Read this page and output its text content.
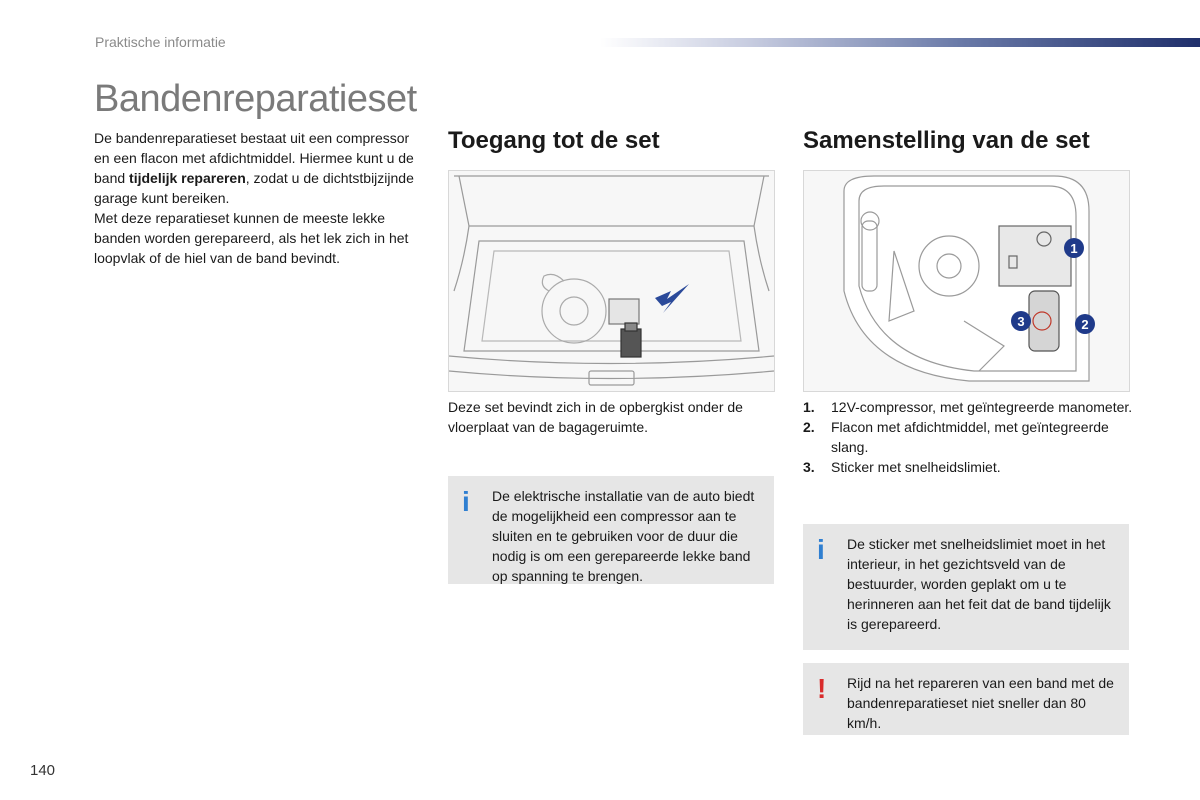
Praktische informatie
Bandenreparatieset
De bandenreparatieset bestaat uit een compressor en een flacon met afdichtmiddel. Hiermee kunt u de band tijdelijk repareren, zodat u de dichtstbijzijnde garage kunt bereiken.
Met deze reparatieset kunnen de meeste lekke banden worden gerepareerd, als het lek zich in het loopvlak of de hiel van de band bevindt.
Toegang tot de set
Deze set bevindt zich in de opbergkist onder de vloerplaat van de bagageruimte.
i De elektrische installatie van de auto biedt de mogelijkheid een compressor aan te sluiten en te gebruiken voor de duur die nodig is om een gerepareerde lekke band op spanning te brengen.
Samenstelling van de set
1
2
3
1.	12V-compressor, met geïntegreerde manometer.
2.	Flacon met afdichtmiddel, met geïntegreerde slang.
3.	Sticker met snelheidslimiet.
i De sticker met snelheidslimiet moet in het interieur, in het gezichtsveld van de bestuurder, worden geplakt om u te herinneren aan het feit dat de band tijdelijk is gerepareerd.
! Rijd na het repareren van een band met de bandenreparatieset niet sneller dan 80 km/h.
140
